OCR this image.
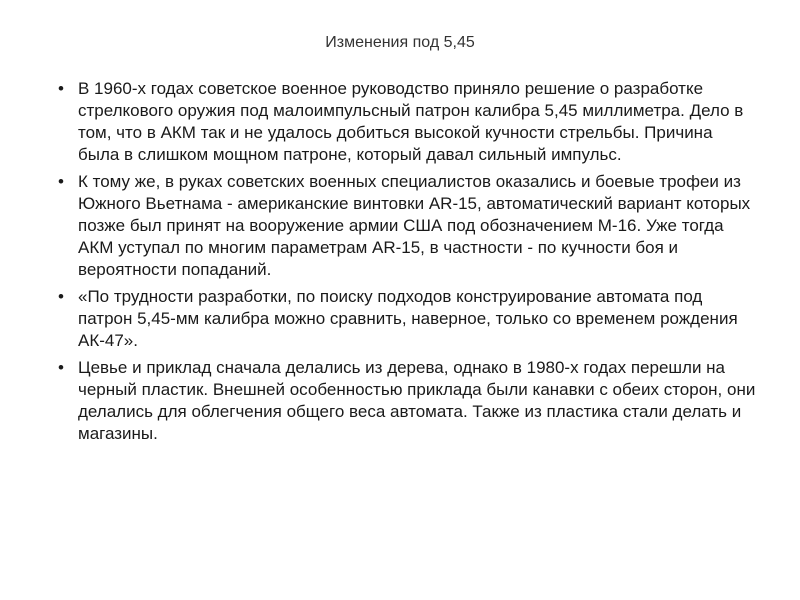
Изменения под 5,45
• В 1960-х годах советское военное руководство приняло решение о разработке стрелкового оружия под малоимпульсный патрон калибра 5,45 миллиметра. Дело в том, что в АКМ так и не удалось добиться высокой кучности стрельбы. Причина была в слишком мощном патроне, который давал сильный импульс.
• К тому же, в руках советских военных специалистов оказались и боевые трофеи из Южного Вьетнама - американские винтовки AR-15, автоматический вариант которых позже был принят на вооружение армии США под обозначением M-16. Уже тогда АКМ уступал по многим параметрам AR-15, в частности - по кучности боя и вероятности попаданий.
• «По трудности разработки, по поиску подходов конструирование автомата под патрон 5,45-мм калибра можно сравнить, наверное, только со временем рождения АК-47».
• Цевье и приклад сначала делались из дерева, однако в 1980-х годах перешли на черный пластик. Внешней особенностью приклада были канавки с обеих сторон, они делались для облегчения общего веса автомата. Также из пластика стали делать и магазины.
